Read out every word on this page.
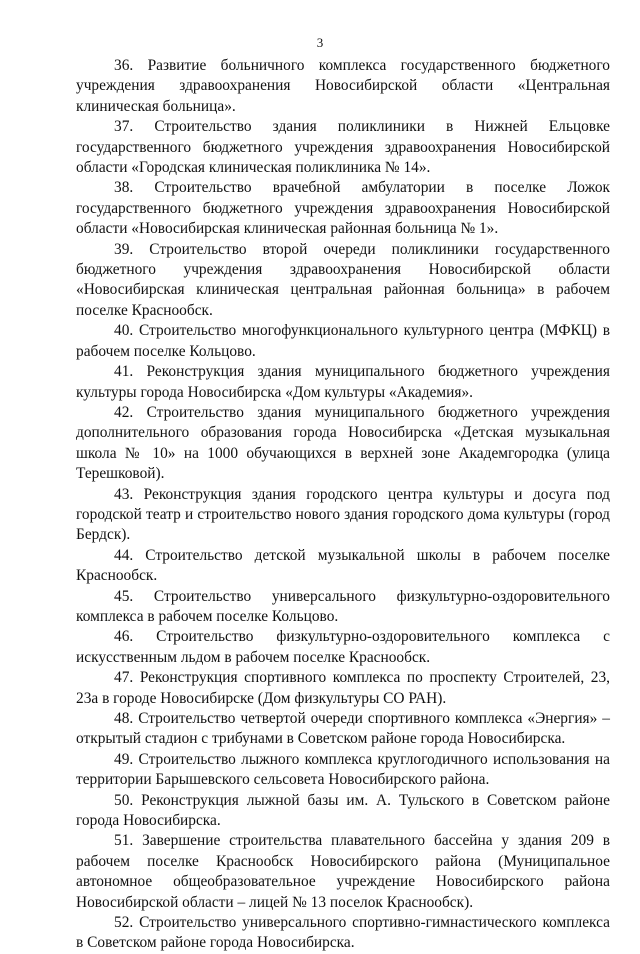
3

36. Развитие больничного комплекса государственного бюджетного учреждения здравоохранения Новосибирской области «Центральная клиническая больница».

37. Строительство здания поликлиники в Нижней Ельцовке государственного бюджетного учреждения здравоохранения Новосибирской области «Городская клиническая поликлиника № 14».

38. Строительство врачебной амбулатории в поселке Ложок государственного бюджетного учреждения здравоохранения Новосибирской области «Новосибирская клиническая районная больница № 1».

39. Строительство второй очереди поликлиники государственного бюджетного учреждения здравоохранения Новосибирской области «Новосибирская клиническая центральная районная больница» в рабочем поселке Краснообск.

40. Строительство многофункционального культурного центра (МФКЦ) в рабочем поселке Кольцово.

41. Реконструкция здания муниципального бюджетного учреждения культуры города Новосибирска «Дом культуры «Академия».

42. Строительство здания муниципального бюджетного учреждения дополнительного образования города Новосибирска «Детская музыкальная школа № 10» на 1000 обучающихся в верхней зоне Академгородка (улица Терешковой).

43. Реконструкция здания городского центра культуры и досуга под городской театр и строительство нового здания городского дома культуры (город Бердск).

44. Строительство детской музыкальной школы в рабочем поселке Краснообск.

45. Строительство универсального физкультурно-оздоровительного комплекса в рабочем поселке Кольцово.

46. Строительство физкультурно-оздоровительного комплекса с искусственным льдом в рабочем поселке Краснообск.

47. Реконструкция спортивного комплекса по проспекту Строителей, 23, 23а в городе Новосибирске (Дом физкультуры СО РАН).

48. Строительство четвертой очереди спортивного комплекса «Энергия» – открытый стадион с трибунами в Советском районе города Новосибирска.

49. Строительство лыжного комплекса круглогодичного использования на территории Барышевского сельсовета Новосибирского района.

50. Реконструкция лыжной базы им. А. Тульского в Советском районе города Новосибирска.

51. Завершение строительства плавательного бассейна у здания 209 в рабочем поселке Краснообск Новосибирского района (Муниципальное автономное общеобразовательное учреждение Новосибирского района Новосибирской области – лицей № 13 поселок Краснообск).

52. Строительство универсального спортивно-гимнастического комплекса в Советском районе города Новосибирска.
